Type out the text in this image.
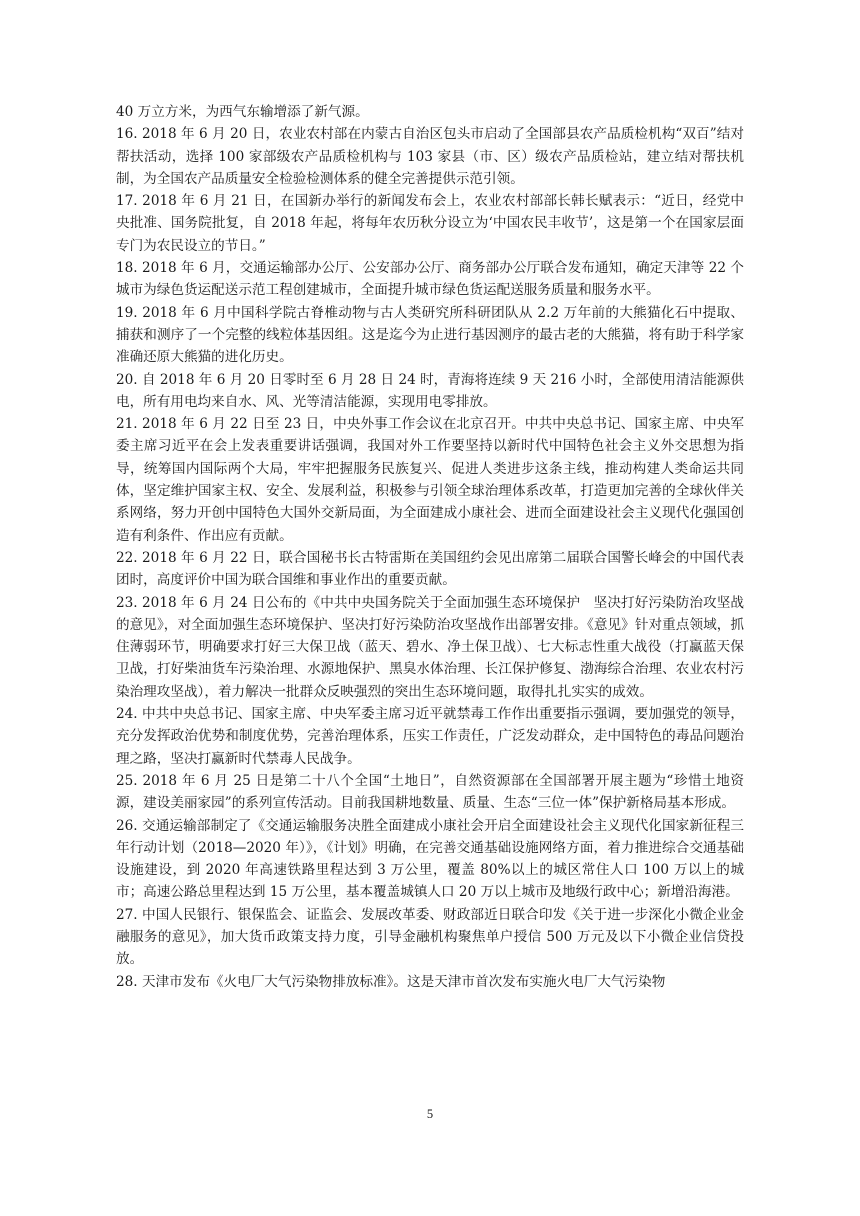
40 万立方米，为西气东输增添了新气源。

16. 2018 年 6 月 20 日，农业农村部在内蒙古自治区包头市启动了全国部县农产品质检机构“双百”结对帮扶活动，选择 100 家部级农产品质检机构与 103 家县（市、区）级农产品质检站，建立结对帮扶机制，为全国农产品质量安全检验检测体系的健全完善提供示范引领。

17. 2018 年 6 月 21 日，在国新办举行的新闻发布会上，农业农村部部长韩长赋表示：“近日，经党中央批准、国务院批复，自 2018 年起，将每年农历秋分设立为‘中国农民丰收节’，这是第一个在国家层面专门为农民设立的节日。”

18. 2018 年 6 月，交通运输部办公厅、公安部办公厅、商务部办公厅联合发布通知，确定天津等 22 个城市为绿色货运配送示范工程创建城市，全面提升城市绿色货运配送服务质量和服务水平。

19. 2018 年 6 月中国科学院古脊椎动物与古人类研究所科研团队从 2.2 万年前的大熊猫化石中提取、捕获和测序了一个完整的线粒体基因组。这是迄今为止进行基因测序的最古老的大熊猫，将有助于科学家准确还原大熊猫的进化历史。

20. 自 2018 年 6 月 20 日零时至 6 月 28 日 24 时，青海将连续 9 天 216 小时，全部使用清洁能源供电，所有用电均来自水、风、光等清洁能源，实现用电零排放。

21. 2018 年 6 月 22 日至 23 日，中央外事工作会议在北京召开。中共中央总书记、国家主席、中央军委主席习近平在会上发表重要讲话强调，我国对外工作要坚持以新时代中国特色社会主义外交思想为指导，统筹国内国际两个大局，牢牢把握服务民族复兴、促进人类进步这条主线，推动构建人类命运共同体，坚定维护国家主权、安全、发展利益，积极参与引领全球治理体系改革，打造更加完善的全球伙伴关系网络，努力开创中国特色大国外交新局面，为全面建成小康社会、进而全面建设社会主义现代化强国创造有利条件、作出应有贡献。

22. 2018 年 6 月 22 日，联合国秘书长古特雷斯在美国纽约会见出席第二届联合国警长峰会的中国代表团时，高度评价中国为联合国维和事业作出的重要贡献。

23. 2018 年 6 月 24 日公布的《中共中央国务院关于全面加强生态环境保护　坚决打好污染防治攻坚战的意见》，对全面加强生态环境保护、坚决打好污染防治攻坚战作出部署安排。《意见》针对重点领域，抓住薄弱环节，明确要求打好三大保卫战（蓝天、碧水、净土保卫战）、七大标志性重大战役（打赢蓝天保卫战，打好柴油货车污染治理、水源地保护、黑臭水体治理、长江保护修复、渤海综合治理、农业农村污染治理攻坚战），着力解决一批群众反映强烈的突出生态环境问题，取得扎扎实实的成效。

24. 中共中央总书记、国家主席、中央军委主席习近平就禁毒工作作出重要指示强调，要加强党的领导，充分发挥政治优势和制度优势，完善治理体系，压实工作责任，广泛发动群众，走中国特色的毒品问题治理之路，坚决打赢新时代禁毒人民战争。

25. 2018 年 6 月 25 日是第二十八个全国“土地日”，自然资源部在全国部署开展主题为“珍惜土地资源，建设美丽家园”的系列宣传活动。目前我国耕地数量、质量、生态“三位一体”保护新格局基本形成。

26. 交通运输部制定了《交通运输服务决胜全面建成小康社会开启全面建设社会主义现代化国家新征程三年行动计划（2018—2020 年）》，《计划》明确，在完善交通基础设施网络方面，着力推进综合交通基础设施建设，到 2020 年高速铁路里程达到 3 万公里，覆盖 80%以上的城区常住人口 100 万以上的城市；高速公路总里程达到 15 万公里，基本覆盖城镇人口 20 万以上城市及地级行政中心；新增沿海港。

27. 中国人民银行、银保监会、证监会、发展改革委、财政部近日联合印发《关于进一步深化小微企业金融服务的意见》，加大货币政策支持力度，引导金融机构聚焦单户授信 500 万元及以下小微企业信贷投放。

28. 天津市发布《火电厂大气污染物排放标准》。这是天津市首次发布实施火电厂大气污染物

5
